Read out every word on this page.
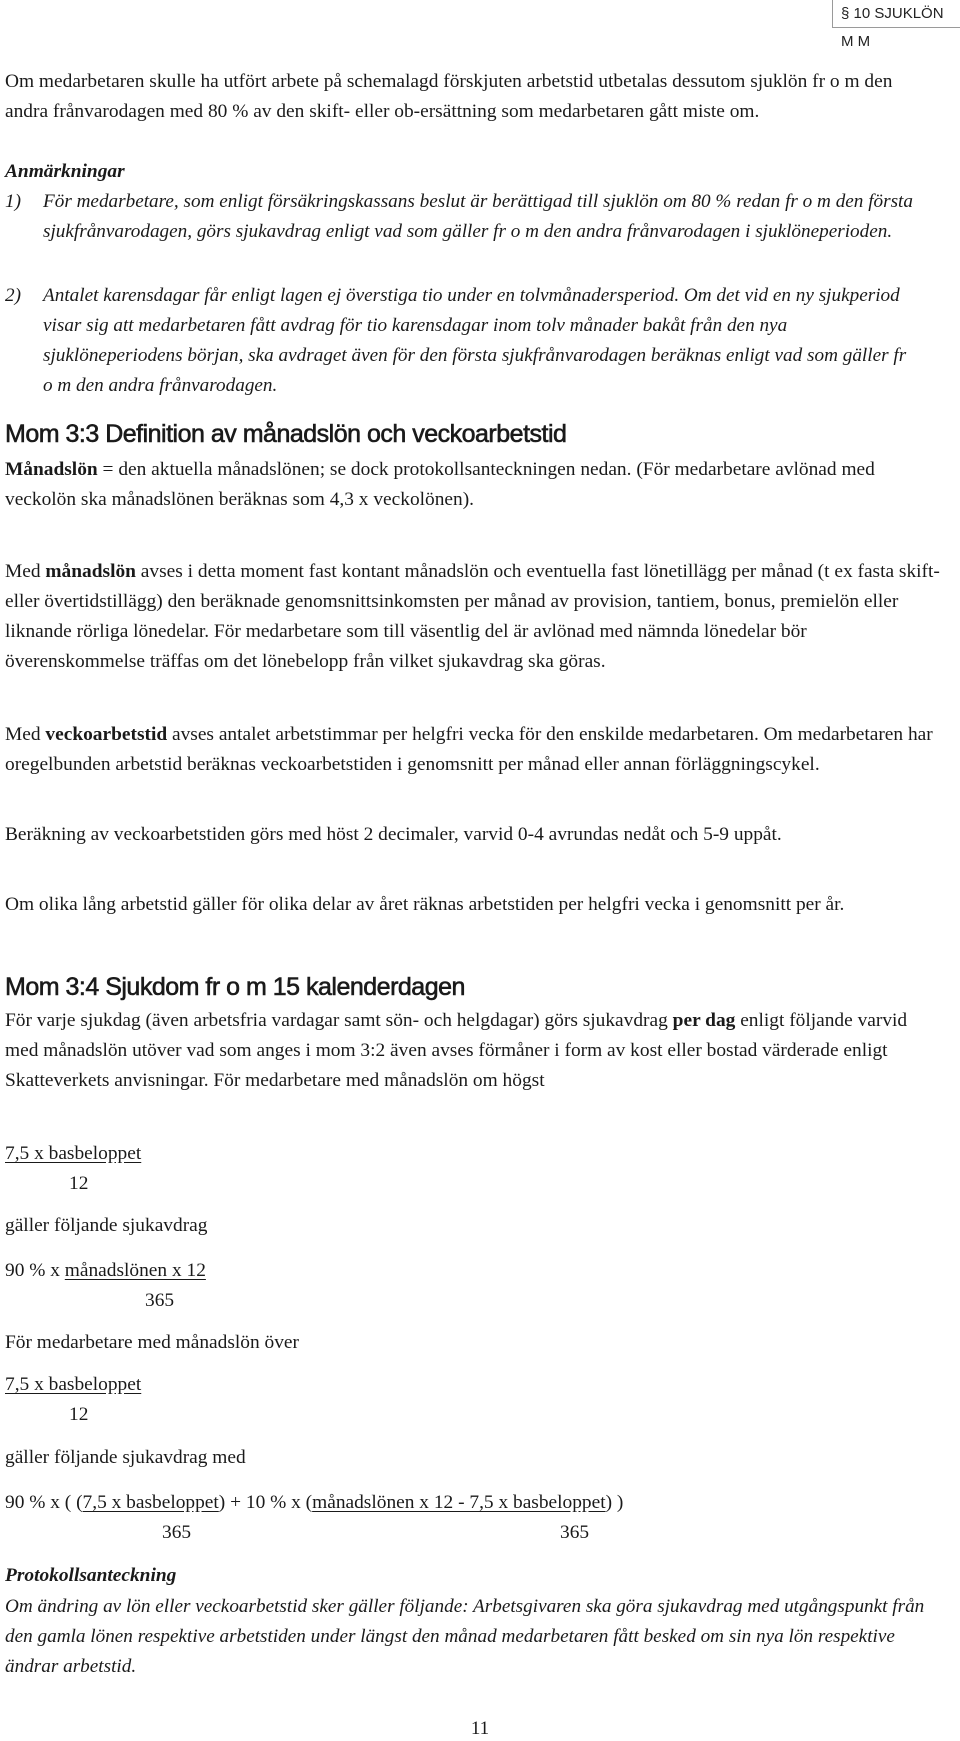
§ 10 SJUKLÖN M M

Om medarbetaren skulle ha utfört arbete på schemalagd förskjuten arbetstid utbetalas dessutom sjuklön fr o m den andra frånvarodagen med 80 % av den skift- eller ob-ersättning som medarbetaren gått miste om.

Anmärkningar

1)	För medarbetare, som enligt försäkringskassans beslut är berättigad till sjuklön om 80 % redan fr o m den första sjukfrånvarodagen, görs sjukavdrag enligt vad som gäller fr o m den andra frånvarodagen i sjuklöneperioden.
2)	Antalet karensdagar får enligt lagen ej överstiga tio under en tolvmånadersperiod. Om det vid en ny sjukperiod visar sig att medarbetaren fått avdrag för tio karensdagar inom tolv månader bakåt från den nya sjuklöneperiodens början, ska avdraget även för den första sjukfrånvarodagen beräknas enligt vad som gäller fr o m den andra frånvarodagen.
Mom 3:3 Definition av månadslön och veckoarbetstid

Månadslön = den aktuella månadslönen; se dock protokollsanteckningen nedan. (För medarbetare avlönad med veckolön ska månadslönen beräknas som 4,3 x veckolönen).

Med månadslön avses i detta moment fast kontant månadslön och eventuella fast lönetillägg per månad (t ex fasta skift- eller övertidstillägg) den beräknade genomsnittsinkomsten per månad av provision, tantiem, bonus, premielön eller liknande rörliga lönedelar. För medarbetare som till väsentlig del är avlönad med nämnda lönedelar bör överenskommelse träffas om det lönebelopp från vilket sjukavdrag ska göras.

Med veckoarbetstid avses antalet arbetstimmar per helgfri vecka för den enskilde medarbetaren. Om medarbetaren har oregelbunden arbetstid beräknas veckoarbetstiden i genomsnitt per månad eller annan förläggningscykel.

Beräkning av veckoarbetstiden görs med höst 2 decimaler, varvid 0-4 avrundas nedåt och 5-9 uppåt.

Om olika lång arbetstid gäller för olika delar av året räknas arbetstiden per helgfri vecka i genomsnitt per år.

Mom 3:4 Sjukdom fr o m 15 kalenderdagen

För varje sjukdag (även arbetsfria vardagar samt sön- och helgdagar) görs sjukavdrag per dag enligt följande varvid med månadslön utöver vad som anges i mom 3:2 även avses förmåner i form av kost eller bostad värderade enligt Skatteverkets anvisningar. För medarbetare med månadslön om högst

7,5 x basbeloppet
12

gäller följande sjukavdrag

90 % x månadslönen x 12
365

För medarbetare med månadslön över

7,5 x basbeloppet
12

gäller följande sjukavdrag med

90 % x ( (7,5 x basbeloppet) + 10 % x (månadslönen x 12 - 7,5 x basbeloppet) )
365	365

Protokollsanteckning

Om ändring av lön eller veckoarbetstid sker gäller följande: Arbetsgivaren ska göra sjukavdrag med utgångspunkt från den gamla lönen respektive arbetstiden under längst den månad medarbetaren fått besked om sin nya lön respektive ändrar arbetstid.

11
